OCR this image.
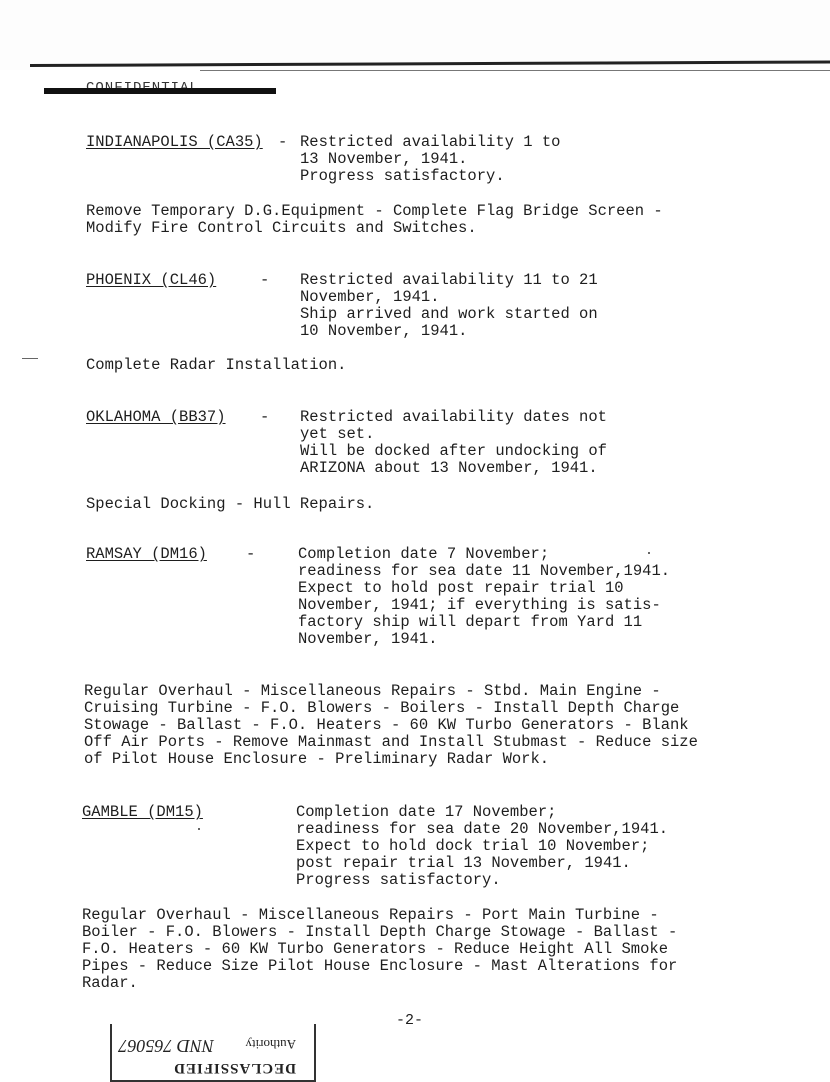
INDIANAPOLIS (CA35) - Restricted availability 1 to
13 November, 1941.
Progress satisfactory.
Remove Temporary D.G.Equipment - Complete Flag Bridge Screen -
Modify Fire Control Circuits and Switches.
PHOENIX (CL46)	- Restricted availability 11 to 21
November, 1941.
Ship arrived and work started on
10 November, 1941.
Complete Radar Installation.
OKLAHOMA (BB37) - Restricted availability dates not
yet set.
Will be docked after undocking of
ARIZONA about 13 November, 1941.
Special Docking - Hull Repairs.
RAMSAY (DM16)	-	Completion date 7 November;
readiness for sea date 11 November,1941.
Expect to hold post repair trial 10
November, 1941; if everything is satis-
factory ship will depart from Yard 11
November, 1941.
Regular Overhaul - Miscellaneous Repairs - Stbd. Main Engine -
Cruising Turbine - F.O. Blowers - Boilers - Install Depth Charge
Stowage - Ballast - F.O. Heaters - 60 KW Turbo Generators - Blank
Off Air Ports - Remove Mainmast and Install Stubmast - Reduce size
of Pilot House Enclosure - Preliminary Radar Work.
GAMBLE (DM15)	Completion date 17 November;
readiness for sea date 20 November,1941.
Expect to hold dock trial 10 November;
post repair trial 13 November, 1941.
Progress satisfactory.
Regular Overhaul - Miscellaneous Repairs - Port Main Turbine -
Boiler - F.O. Blowers - Install Depth Charge Stowage - Ballast -
F.O. Heaters - 60 KW Turbo Generators - Reduce Height All Smoke
Pipes - Reduce Size Pilot House Enclosure - Mast Alterations for
Radar.
-2-
DECLASSIFIED
Authority
NND 765067
